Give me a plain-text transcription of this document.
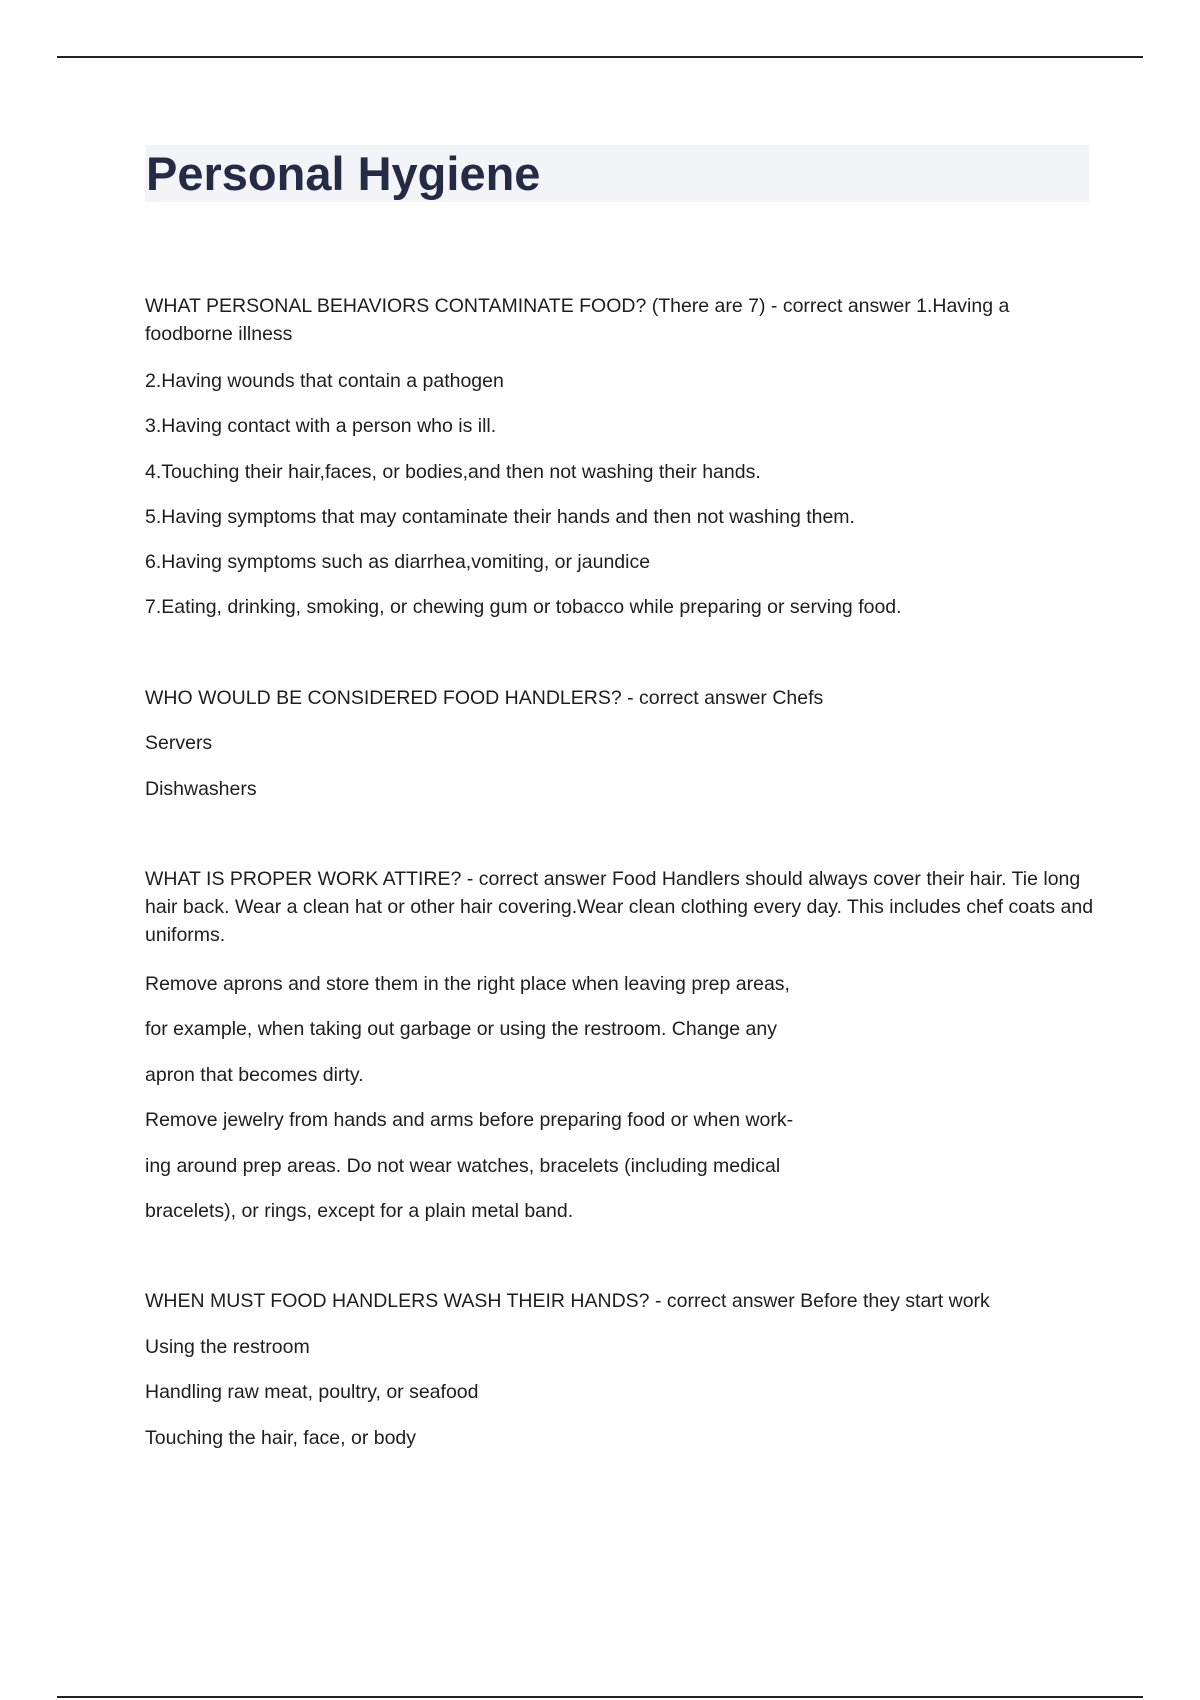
Personal Hygiene

WHAT PERSONAL BEHAVIORS CONTAMINATE FOOD? (There are 7) - correct answer 1.Having a foodborne illness

2.Having wounds that contain a pathogen

3.Having contact with a person who is ill.

4.Touching their hair,faces, or bodies,and then not washing their hands.

5.Having symptoms that may contaminate their hands and then not washing them.

6.Having symptoms such as diarrhea,vomiting, or jaundice

7.Eating, drinking, smoking, or chewing gum or tobacco while preparing or serving food.

WHO WOULD BE CONSIDERED FOOD HANDLERS? - correct answer Chefs

Servers

Dishwashers

WHAT IS PROPER WORK ATTIRE? - correct answer Food Handlers should always cover their hair. Tie long hair back. Wear a clean hat or other hair covering.Wear clean clothing every day. This includes chef coats and uniforms.

Remove aprons and store them in the right place when leaving prep areas,

for example, when taking out garbage or using the restroom. Change any

apron that becomes dirty.

Remove jewelry from hands and arms before preparing food or when work-

ing around prep areas. Do not wear watches, bracelets (including medical

bracelets), or rings, except for a plain metal band.

WHEN MUST FOOD HANDLERS WASH THEIR HANDS? - correct answer Before they start work

Using the restroom

Handling raw meat, poultry, or seafood

Touching the hair, face, or body
